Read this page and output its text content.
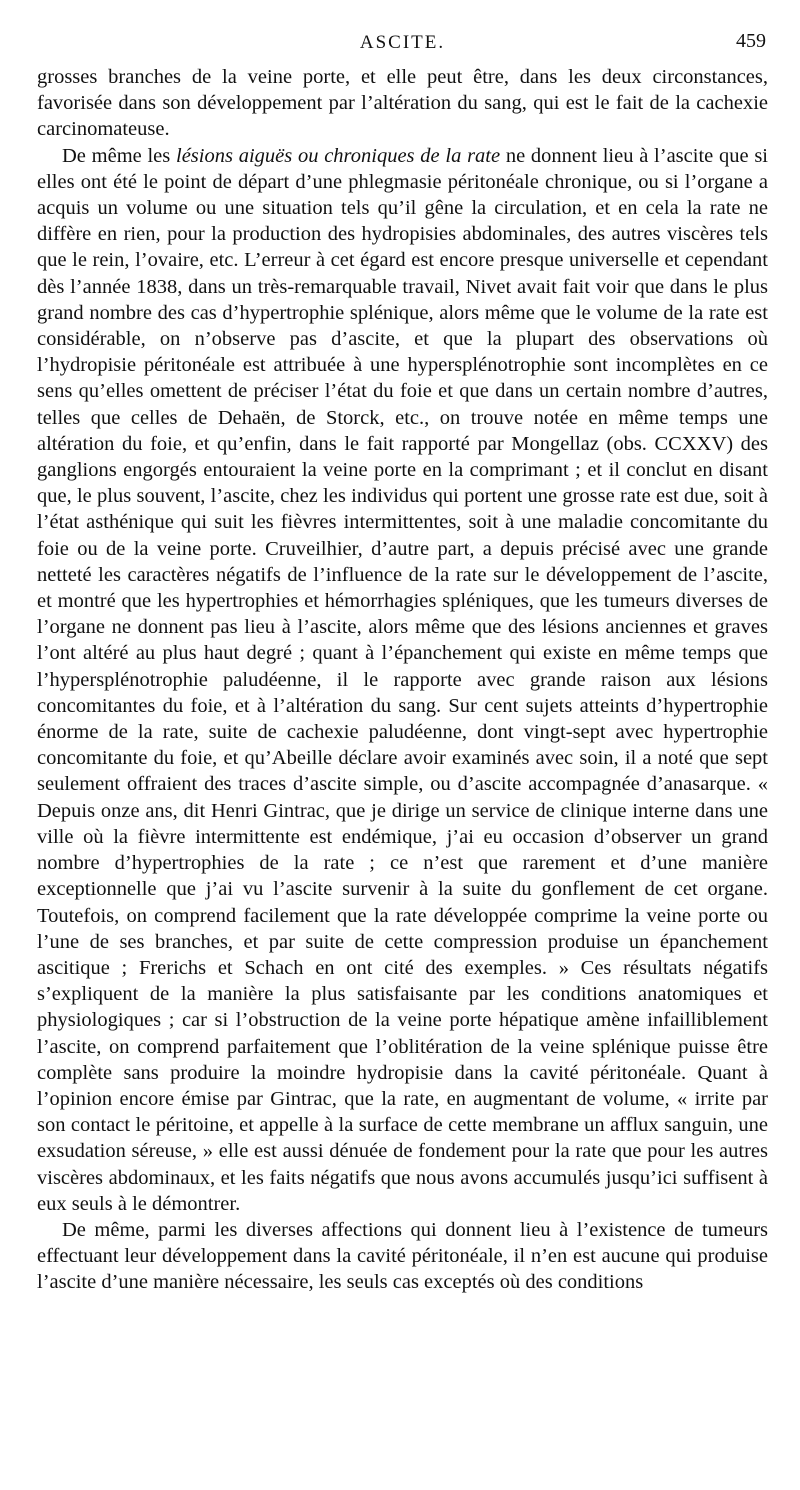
ASCITE.	459

grosses branches de la veine porte, et elle peut être, dans les deux circonstances, favorisée dans son développement par l’altération du sang, qui est le fait de la cachexie carcinomateuse.

De même les lésions aiguës ou chroniques de la rate ne donnent lieu à l’ascite que si elles ont été le point de départ d’une phlegmasie péritonéale chronique, ou si l’organe a acquis un volume ou une situation tels qu’il gêne la circulation, et en cela la rate ne diffère en rien, pour la production des hydropisies abdominales, des autres viscères tels que le rein, l’ovaire, etc. L’erreur à cet égard est encore presque universelle et cependant dès l’année 1838, dans un très-remarquable travail, Nivet avait fait voir que dans le plus grand nombre des cas d’hypertrophie splénique, alors même que le volume de la rate est considérable, on n’observe pas d’ascite, et que la plupart des observations où l’hydropisie péritonéale est attribuée à une hypersplénotrophie sont incomplètes en ce sens qu’elles omettent de préciser l’état du foie et que dans un certain nombre d’autres, telles que celles de Dehaën, de Storck, etc., on trouve notée en même temps une altération du foie, et qu’enfin, dans le fait rapporté par Mongellaz (obs. CCXXV) des ganglions engorgés entouraient la veine porte en la comprimant ; et il conclut en disant que, le plus souvent, l’ascite, chez les individus qui portent une grosse rate est due, soit à l’état asthénique qui suit les fièvres intermittentes, soit à une maladie concomitante du foie ou de la veine porte. Cruveilhier, d’autre part, a depuis précisé avec une grande netteté les caractères négatifs de l’influence de la rate sur le développement de l’ascite, et montré que les hypertrophies et hémorrhagies spléniques, que les tumeurs diverses de l’organe ne donnent pas lieu à l’ascite, alors même que des lésions anciennes et graves l’ont altéré au plus haut degré ; quant à l’épanchement qui existe en même temps que l’hypersplénotrophie paludéenne, il le rapporte avec grande raison aux lésions concomitantes du foie, et à l’altération du sang. Sur cent sujets atteints d’hypertrophie énorme de la rate, suite de cachexie paludéenne, dont vingt-sept avec hypertrophie concomitante du foie, et qu’Abeille déclare avoir examinés avec soin, il a noté que sept seulement offraient des traces d’ascite simple, ou d’ascite accompagnée d’anasarque. « Depuis onze ans, dit Henri Gintrac, que je dirige un service de clinique interne dans une ville où la fièvre intermittente est endémique, j’ai eu occasion d’observer un grand nombre d’hypertrophies de la rate ; ce n’est que rarement et d’une manière exceptionnelle que j’ai vu l’ascite survenir à la suite du gonflement de cet organe. Toutefois, on comprend facilement que la rate développée comprime la veine porte ou l’une de ses branches, et par suite de cette compression produise un épanchement ascitique ; Frerichs et Schach en ont cité des exemples. » Ces résultats négatifs s’expliquent de la manière la plus satisfaisante par les conditions anatomiques et physiologiques ; car si l’obstruction de la veine porte hépatique amène infailliblement l’ascite, on comprend parfaitement que l’oblitération de la veine splénique puisse être complète sans produire la moindre hydropisie dans la cavité péritonéale. Quant à l’opinion encore émise par Gintrac, que la rate, en augmentant de volume, « irrite par son contact le péritoine, et appelle à la surface de cette membrane un afflux sanguin, une exsudation séreuse, » elle est aussi dénuée de fondement pour la rate que pour les autres viscères abdominaux, et les faits négatifs que nous avons accumulés jusqu’ici suffisent à eux seuls à le démontrer.

De même, parmi les diverses affections qui donnent lieu à l’existence de tumeurs effectuant leur développement dans la cavité péritonéale, il n’en est aucune qui produise l’ascite d’une manière nécessaire, les seuls cas exceptés où des conditions
